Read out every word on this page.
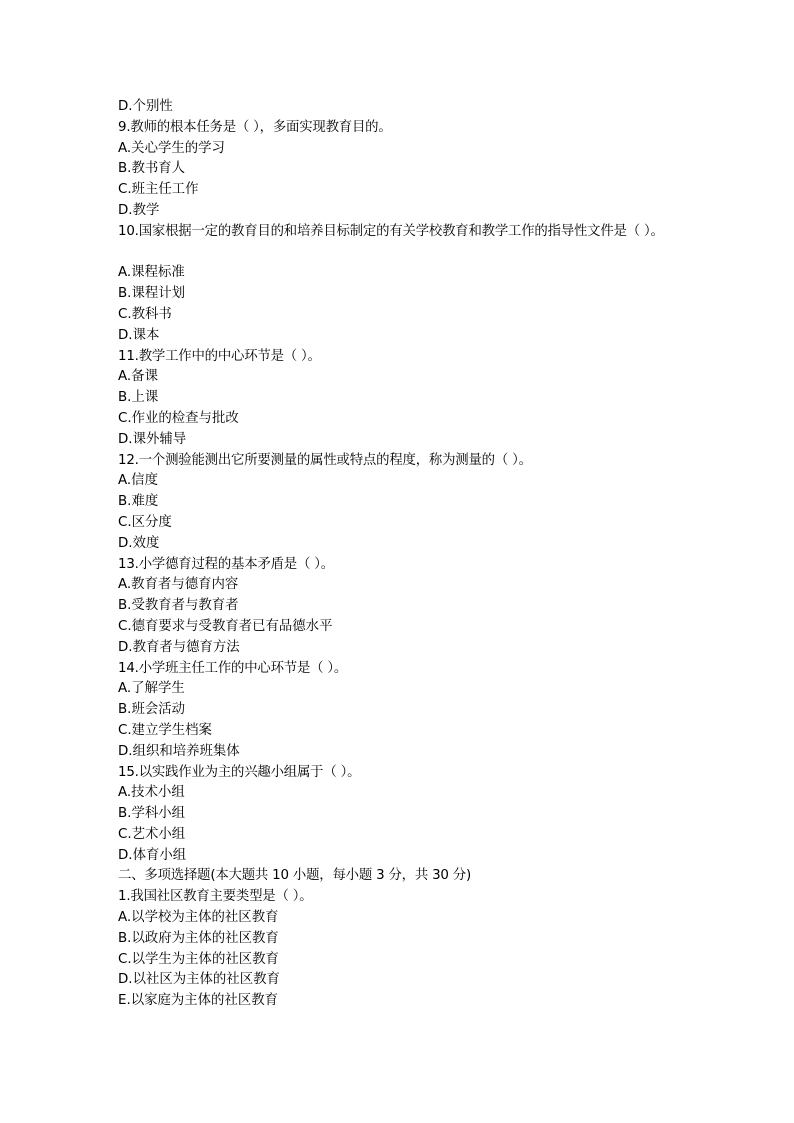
D.个别性
9.教师的根本任务是（ ），多面实现教育目的。
A.关心学生的学习
B.教书育人
C.班主任工作
D.教学
10.国家根据一定的教育目的和培养目标制定的有关学校教育和教学工作的指导性文件是（ ）。
A.课程标准
B.课程计划
C.教科书
D.课本
11.教学工作中的中心环节是（ ）。
A.备课
B.上课
C.作业的检查与批改
D.课外辅导
12.一个测验能测出它所要测量的属性或特点的程度，称为测量的（ ）。
A.信度
B.难度
C.区分度
D.效度
13.小学德育过程的基本矛盾是（ ）。
A.教育者与德育内容
B.受教育者与教育者
C.德育要求与受教育者已有品德水平
D.教育者与德育方法
14.小学班主任工作的中心环节是（ ）。
A.了解学生
B.班会活动
C.建立学生档案
D.组织和培养班集体
15.以实践作业为主的兴趣小组属于（ ）。
A.技术小组
B.学科小组
C.艺术小组
D.体育小组
二、多项选择题(本大题共 10 小题，每小题 3 分，共 30 分)
1.我国社区教育主要类型是（ ）。
A.以学校为主体的社区教育
B.以政府为主体的社区教育
C.以学生为主体的社区教育
D.以社区为主体的社区教育
E.以家庭为主体的社区教育
